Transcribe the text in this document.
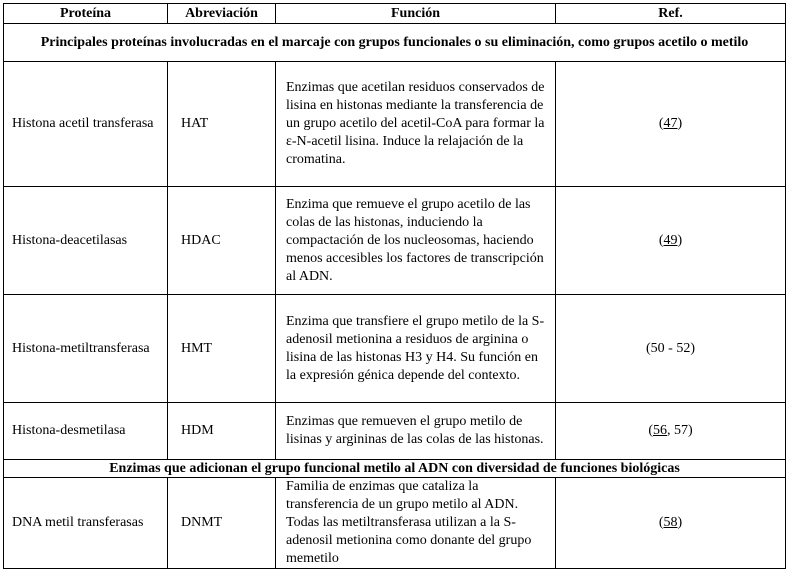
Proteína	Abreviación	Función	Ref.
Principales proteínas involucradas en el marcaje con grupos funcionales o su eliminación, como grupos acetilo o metilo			
Histona acetil transferasa	HAT	Enzimas que acetilan residuos conservados de lisina en histonas mediante la transferencia de un grupo acetilo del acetil-CoA para formar la ε-N-acetil lisina. Induce la relajación de la cromatina.	(47)
Histona-deacetilasas	HDAC	Enzima que remueve el grupo acetilo de las colas de las histonas, induciendo la compactación de los nucleosomas, haciendo menos accesibles los factores de transcripción al ADN.	(49)
Histona-metiltransferasa	HMT	Enzima que transfiere el grupo metilo de la S-adenosil metionina a residuos de arginina o lisina de las histonas H3 y H4. Su función en la expresión génica depende del contexto.	(50 - 52)
Histona-desmetilasa	HDM	Enzimas que remueven el grupo metilo de lisinas y argininas de las colas de las histonas.	(56, 57)
Enzimas que adicionan el grupo funcional metilo al ADN con diversidad de funciones biológicas			
DNA metil transferasas	DNMT	Familia de enzimas que cataliza la transferencia de un grupo metilo al ADN. Todas las metiltransferasa utilizan a la S-adenosil metionina como donante del grupo memetilo	(58)
